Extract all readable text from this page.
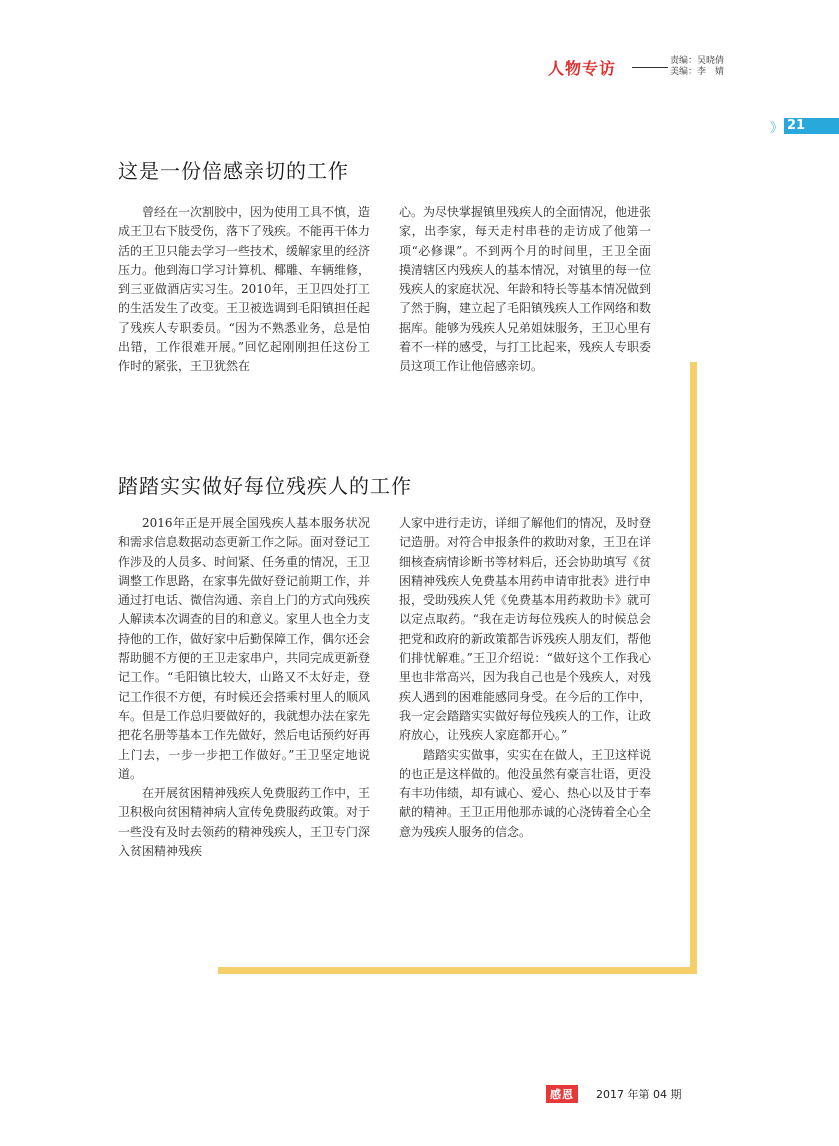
人物专访	责编：吴晓倩
美编：李　婧
》 21
这是一份倍感亲切的工作

曾经在一次割胶中，因为使用工具不慎，造成王卫右下肢受伤，落下了残疾。不能再干体力活的王卫只能去学习一些技术，缓解家里的经济压力。他到海口学习计算机、椰雕、车辆维修，到三亚做酒店实习生。2010年，王卫四处打工的生活发生了改变。王卫被选调到毛阳镇担任起了残疾人专职委员。“因为不熟悉业务，总是怕出错，工作很难开展。”回忆起刚刚担任这份工作时的紧张，王卫犹然在

心。为尽快掌握镇里残疾人的全面情况，他进张家，出李家，每天走村串巷的走访成了他第一项“必修课”。不到两个月的时间里，王卫全面摸清辖区内残疾人的基本情况，对镇里的每一位残疾人的家庭状况、年龄和特长等基本情况做到了然于胸，建立起了毛阳镇残疾人工作网络和数据库。能够为残疾人兄弟姐妹服务，王卫心里有着不一样的感受，与打工比起来，残疾人专职委员这项工作让他倍感亲切。

踏踏实实做好每位残疾人的工作

2016年正是开展全国残疾人基本服务状况和需求信息数据动态更新工作之际。面对登记工作涉及的人员多、时间紧、任务重的情况，王卫调整工作思路，在家事先做好登记前期工作，并通过打电话、微信沟通、亲自上门的方式向残疾人解读本次调查的目的和意义。家里人也全力支持他的工作，做好家中后勤保障工作，偶尔还会帮助腿不方便的王卫走家串户，共同完成更新登记工作。“毛阳镇比较大，山路又不太好走，登记工作很不方便，有时候还会搭乘村里人的顺风车。但是工作总归要做好的，我就想办法在家先把花名册等基本工作先做好，然后电话预约好再上门去，一步一步把工作做好。”王卫坚定地说道。

在开展贫困精神残疾人免费服药工作中，王卫积极向贫困精神病人宣传免费服药政策。对于一些没有及时去领药的精神残疾人，王卫专门深入贫困精神残疾

人家中进行走访，详细了解他们的情况，及时登记造册。对符合申报条件的救助对象，王卫在详细核查病情诊断书等材料后，还会协助填写《贫困精神残疾人免费基本用药申请审批表》进行申报，受助残疾人凭《免费基本用药救助卡》就可以定点取药。“我在走访每位残疾人的时候总会把党和政府的新政策都告诉残疾人朋友们，帮他们排忧解难。”王卫介绍说：“做好这个工作我心里也非常高兴，因为我自己也是个残疾人，对残疾人遇到的困难能感同身受。在今后的工作中，我一定会踏踏实实做好每位残疾人的工作，让政府放心，让残疾人家庭都开心。”

踏踏实实做事，实实在在做人，王卫这样说的也正是这样做的。他没虽然有豪言壮语，更没有丰功伟绩，却有诚心、爱心、热心以及甘于奉献的精神。王卫正用他那赤诚的心浇铸着全心全意为残疾人服务的信念。

感恩	2017 年第 04 期
